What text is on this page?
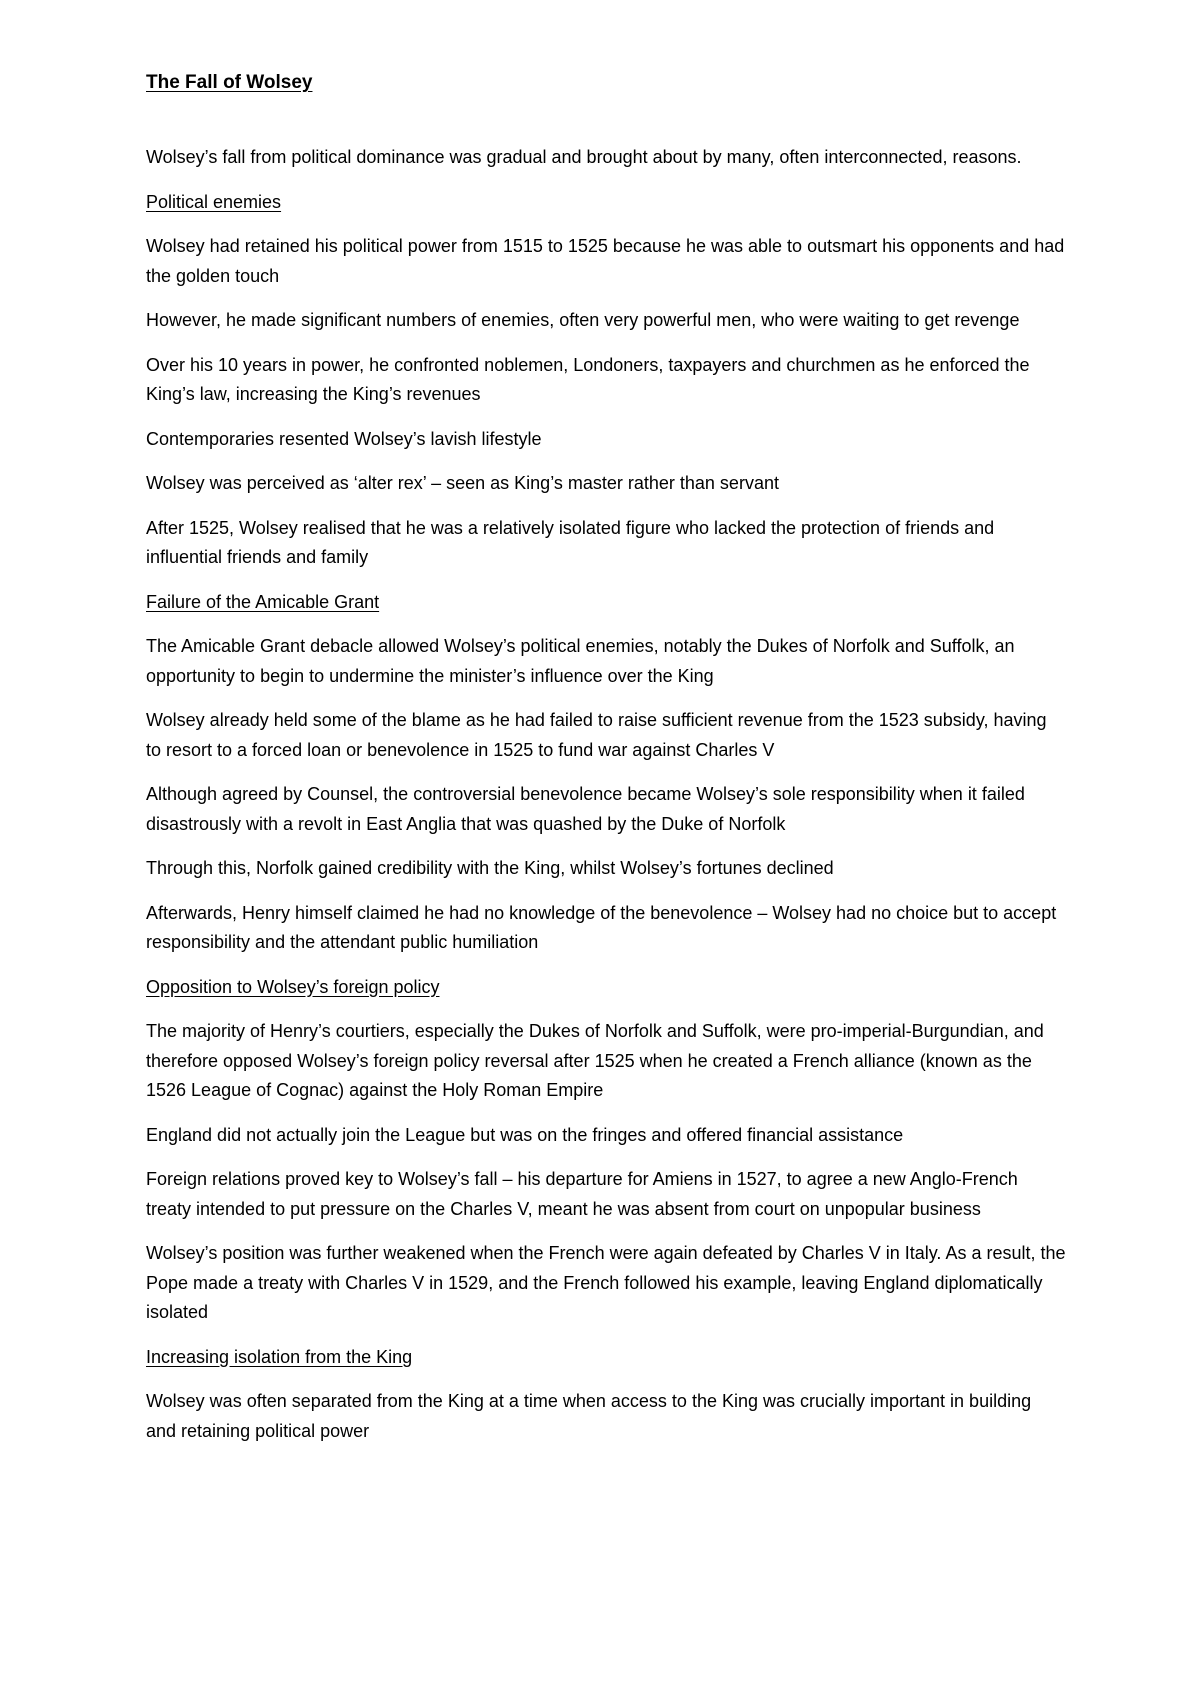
The Fall of Wolsey

Wolsey’s fall from political dominance was gradual and brought about by many, often interconnected, reasons.

Political enemies

Wolsey had retained his political power from 1515 to 1525 because he was able to outsmart his opponents and had the golden touch

However, he made significant numbers of enemies, often very powerful men, who were waiting to get revenge

Over his 10 years in power, he confronted noblemen, Londoners, taxpayers and churchmen as he enforced the King’s law, increasing the King’s revenues

Contemporaries resented Wolsey’s lavish lifestyle

Wolsey was perceived as ‘alter rex’ – seen as King’s master rather than servant

After 1525, Wolsey realised that he was a relatively isolated figure who lacked the protection of friends and influential friends and family

Failure of the Amicable Grant

The Amicable Grant debacle allowed Wolsey’s political enemies, notably the Dukes of Norfolk and Suffolk, an opportunity to begin to undermine the minister’s influence over the King

Wolsey already held some of the blame as he had failed to raise sufficient revenue from the 1523 subsidy, having to resort to a forced loan or benevolence in 1525 to fund war against Charles V

Although agreed by Counsel, the controversial benevolence became Wolsey’s sole responsibility when it failed disastrously with a revolt in East Anglia that was quashed by the Duke of Norfolk

Through this, Norfolk gained credibility with the King, whilst Wolsey’s fortunes declined

Afterwards, Henry himself claimed he had no knowledge of the benevolence – Wolsey had no choice but to accept responsibility and the attendant public humiliation

Opposition to Wolsey’s foreign policy

The majority of Henry’s courtiers, especially the Dukes of Norfolk and Suffolk, were pro-imperial-Burgundian, and therefore opposed Wolsey’s foreign policy reversal after 1525 when he created a French alliance (known as the 1526 League of Cognac) against the Holy Roman Empire

England did not actually join the League but was on the fringes and offered financial assistance

Foreign relations proved key to Wolsey’s fall – his departure for Amiens in 1527, to agree a new Anglo-French treaty intended to put pressure on the Charles V, meant he was absent from court on unpopular business

Wolsey’s position was further weakened when the French were again defeated by Charles V in Italy. As a result, the Pope made a treaty with Charles V in 1529, and the French followed his example, leaving England diplomatically isolated

Increasing isolation from the King

Wolsey was often separated from the King at a time when access to the King was crucially important in building and retaining political power
